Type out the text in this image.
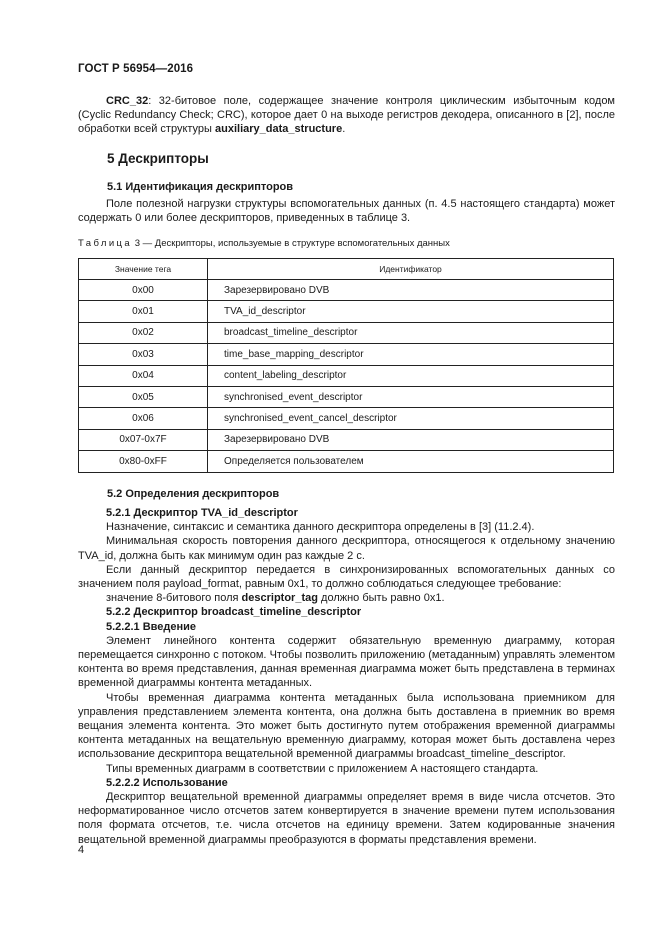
ГОСТ Р 56954—2016

CRC_32: 32-битовое поле, содержащее значение контроля циклическим избыточным кодом (Cyclic Redundancy Check; CRC), которое дает 0 на выходе регистров декодера, описанного в [2], после обработки всей структуры auxiliary_data_structure.

5 Дескрипторы
5.1 Идентификация дескрипторов

Поле полезной нагрузки структуры вспомогательных данных (п. 4.5 настоящего стандарта) может содержать 0 или более дескрипторов, приведенных в таблице 3.

Таблица 3 — Дескрипторы, используемые в структуре вспомогательных данных
Значение тега	Идентификатор
0x00	Зарезервировано DVB
0x01	TVA_id_descriptor
0x02	broadcast_timeline_descriptor
0x03	time_base_mapping_descriptor
0x04	content_labeling_descriptor
0x05	synchronised_event_descriptor
0x06	synchronised_event_cancel_descriptor
0x07-0x7F	Зарезервировано DVB
0x80-0xFF	Определяется пользователем
5.2 Определения дескрипторов

5.2.1 Дескриптор TVA_id_descriptor

Назначение, синтаксис и семантика данного дескриптора определены в [3] (11.2.4).

Минимальная скорость повторения данного дескриптора, относящегося к отдельному значению TVA_id, должна быть как минимум один раз каждые 2 с.

Если данный дескриптор передается в синхронизированных вспомогательных данных со значением поля payload_format, равным 0x1, то должно соблюдаться следующее требование:

значение 8-битового поля descriptor_tag должно быть равно 0x1.

5.2.2 Дескриптор broadcast_timeline_descriptor

5.2.2.1 Введение

Элемент линейного контента содержит обязательную временную диаграмму, которая перемещается синхронно с потоком. Чтобы позволить приложению (метаданным) управлять элементом контента во время представления, данная временная диаграмма может быть представлена в терминах временной диаграммы контента метаданных.

Чтобы временная диаграмма контента метаданных была использована приемником для управления представлением элемента контента, она должна быть доставлена в приемник во время вещания элемента контента. Это может быть достигнуто путем отображения временной диаграммы контента метаданных на вещательную временную диаграмму, которая может быть доставлена через использование дескриптора вещательной временной диаграммы broadcast_timeline_descriptor.

Типы временных диаграмм в соответствии с приложением А настоящего стандарта.

5.2.2.2 Использование

Дескриптор вещательной временной диаграммы определяет время в виде числа отсчетов. Это неформатированное число отсчетов затем конвертируется в значение времени путем использования поля формата отсчетов, т.е. числа отсчетов на единицу времени. Затем кодированные значения вещательной временной диаграммы преобразуются в форматы представления времени.

4
